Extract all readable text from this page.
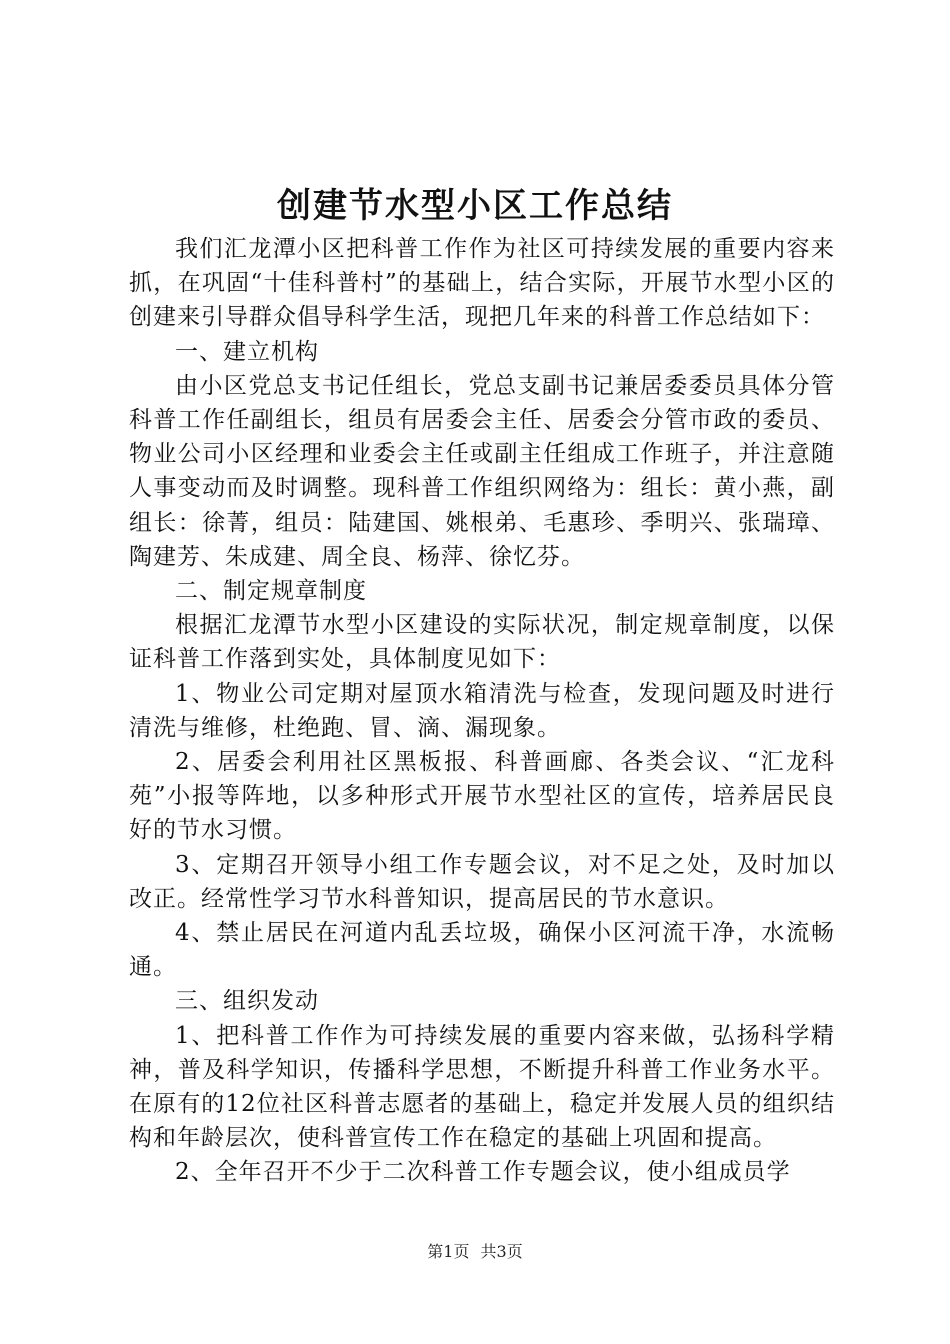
创建节水型小区工作总结

我们汇龙潭小区把科普工作作为社区可持续发展的重要内容来抓，在巩固“十佳科普村”的基础上，结合实际，开展节水型小区的创建来引导群众倡导科学生活，现把几年来的科普工作总结如下：

一、建立机构

由小区党总支书记任组长，党总支副书记兼居委委员具体分管科普工作任副组长，组员有居委会主任、居委会分管市政的委员、物业公司小区经理和业委会主任或副主任组成工作班子，并注意随人事变动而及时调整。现科普工作组织网络为：组长：黄小燕，副组长：徐菁，组员：陆建国、姚根弟、毛惠珍、季明兴、张瑞璋、陶建芳、朱成建、周全良、杨萍、徐忆芬。

二、制定规章制度

根据汇龙潭节水型小区建设的实际状况，制定规章制度，以保证科普工作落到实处，具体制度见如下：

1、物业公司定期对屋顶水箱清洗与检查，发现问题及时进行清洗与维修，杜绝跑、冒、滴、漏现象。

2、居委会利用社区黑板报、科普画廊、各类会议、“汇龙科苑”小报等阵地，以多种形式开展节水型社区的宣传，培养居民良好的节水习惯。

3、定期召开领导小组工作专题会议，对不足之处，及时加以改正。经常性学习节水科普知识，提高居民的节水意识。

4、禁止居民在河道内乱丢垃圾，确保小区河流干净，水流畅通。

三、组织发动

1、把科普工作作为可持续发展的重要内容来做，弘扬科学精神，普及科学知识，传播科学思想，不断提升科普工作业务水平。在原有的12位社区科普志愿者的基础上，稳定并发展人员的组织结构和年龄层次，使科普宣传工作在稳定的基础上巩固和提高。

2、全年召开不少于二次科普工作专题会议，使小组成员学

第1页 共3页
